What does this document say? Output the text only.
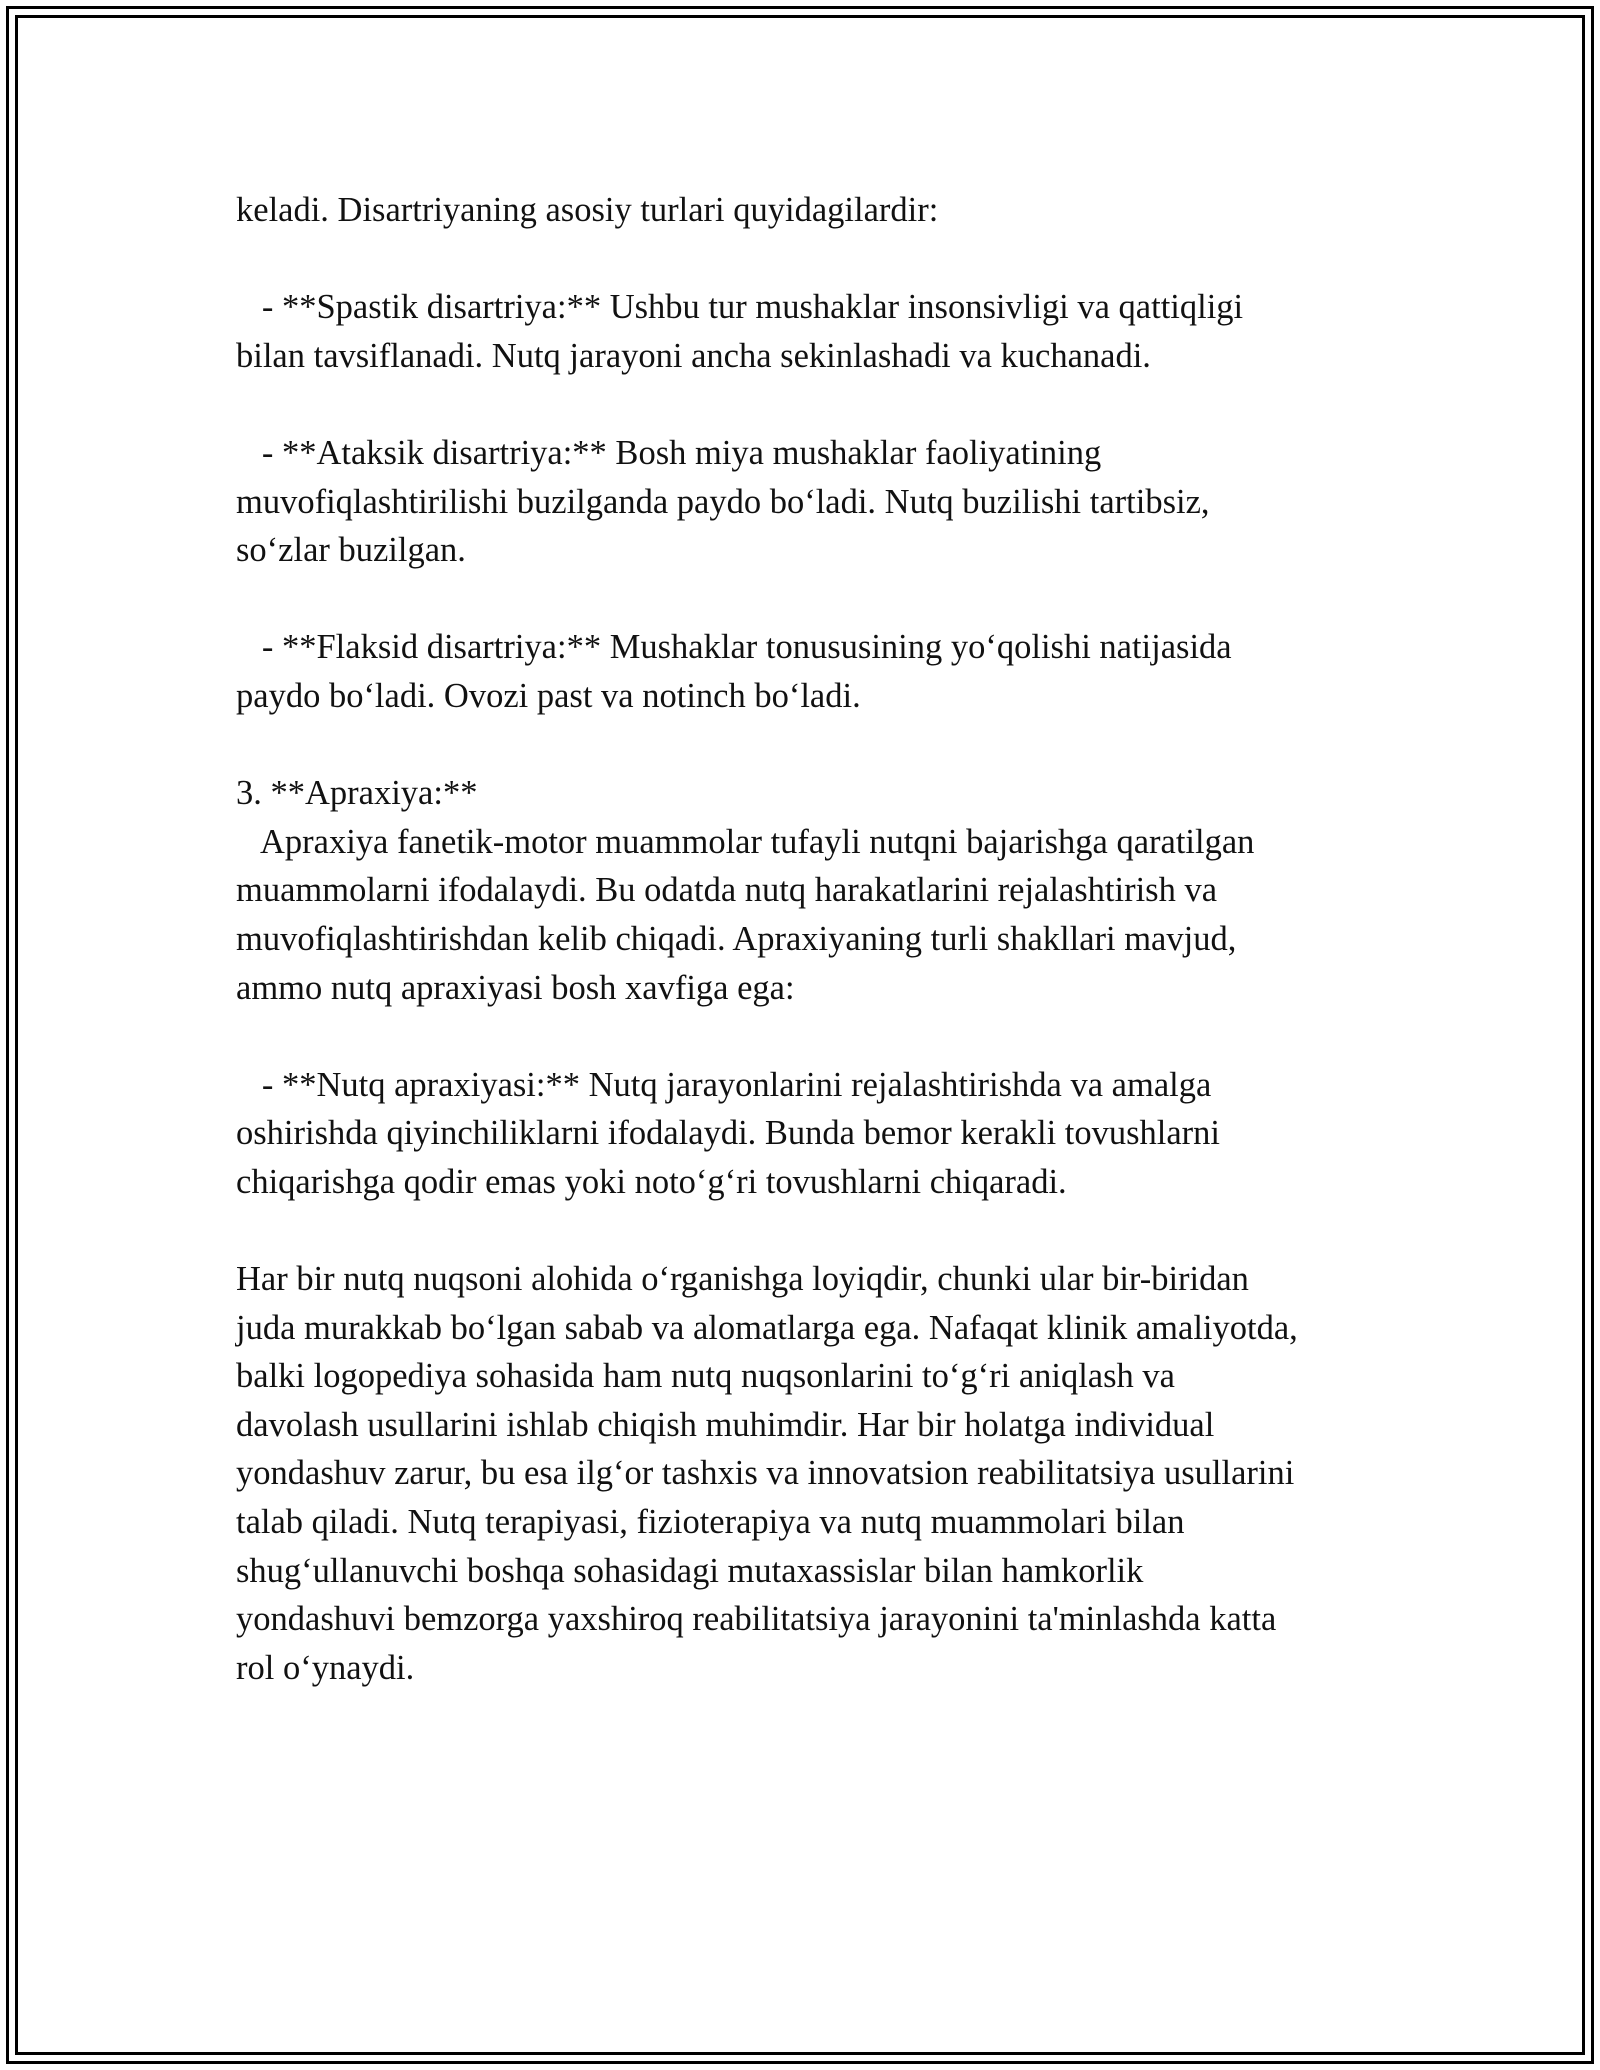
keladi. Disartriyaning asosiy turlari quyidagilardir:
- **Spastik disartriya:** Ushbu tur mushaklar insonsivligi va qattiqligi
bilan tavsiflanadi. Nutq jarayoni ancha sekinlashadi va kuchanadi.
- **Ataksik disartriya:** Bosh miya mushaklar faoliyatining
muvofiqlashtirilishi buzilganda paydo bo‘ladi. Nutq buzilishi tartibsiz,
so‘zlar buzilgan.
- **Flaksid disartriya:** Mushaklar tonususining yo‘qolishi natijasida
paydo bo‘ladi. Ovozi past va notinch bo‘ladi.
3. **Apraxiya:**
Apraxiya fanetik-motor muammolar tufayli nutqni bajarishga qaratilgan
muammolarni ifodalaydi. Bu odatda nutq harakatlarini rejalashtirish va
muvofiqlashtirishdan kelib chiqadi. Apraxiyaning turli shakllari mavjud,
ammo nutq apraxiyasi bosh xavfiga ega:
- **Nutq apraxiyasi:** Nutq jarayonlarini rejalashtirishda va amalga
oshirishda qiyinchiliklarni ifodalaydi. Bunda bemor kerakli tovushlarni
chiqarishga qodir emas yoki noto‘g‘ri tovushlarni chiqaradi.
Har bir nutq nuqsoni alohida o‘rganishga loyiqdir, chunki ular bir-biridan
juda murakkab bo‘lgan sabab va alomatlarga ega. Nafaqat klinik amaliyotda,
balki logopediya sohasida ham nutq nuqsonlarini to‘g‘ri aniqlash va
davolash usullarini ishlab chiqish muhimdir. Har bir holatga individual
yondashuv zarur, bu esa ilg‘or tashxis va innovatsion reabilitatsiya usullarini
talab qiladi. Nutq terapiyasi, fizioterapiya va nutq muammolari bilan
shug‘ullanuvchi boshqa sohasidagi mutaxassislar bilan hamkorlik
yondashuvi bemzorga yaxshiroq reabilitatsiya jarayonini ta'minlashda katta
rol o‘ynaydi.
